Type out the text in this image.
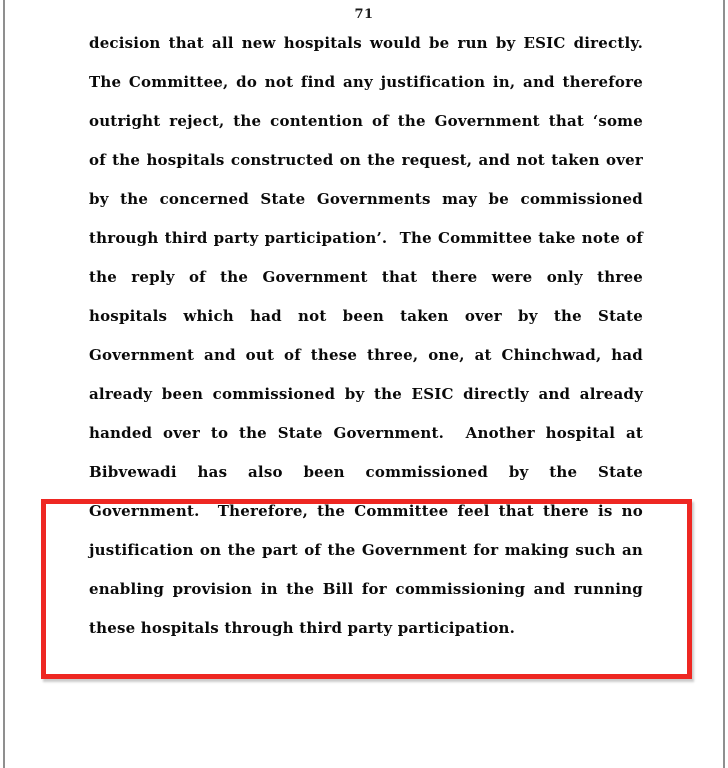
71
decision that all new hospitals would be run by ESIC directly.
The Committee, do not find any justification in, and therefore
outright reject, the contention of the Government that ‘some
of the hospitals constructed on the request, and not taken over
by the concerned State Governments may be commissioned
through third party participation’.  The Committee take note of
the reply of the Government that there were only three
hospitals which had not been taken over by the State
Government and out of these three, one, at Chinchwad, had
already been commissioned by the ESIC directly and already
handed over to the State Government.  Another hospital at
Bibvewadi has also been commissioned by the State
Government.  Therefore, the Committee feel that there is no
justification on the part of the Government for making such an
enabling provision in the Bill for commissioning and running
these hospitals through third party participation.
